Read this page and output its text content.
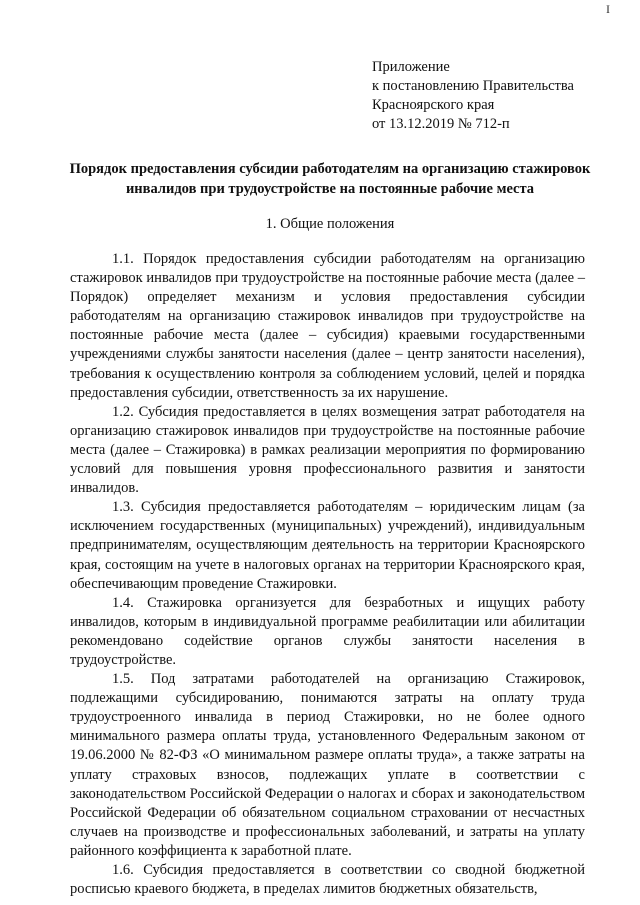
I
Приложение
к постановлению Правительства
Красноярского края
от 13.12.2019 № 712-п
Порядок предоставления субсидии работодателям на организацию стажировок инвалидов при трудоустройстве на постоянные рабочие места
1. Общие положения

1.1. Порядок предоставления субсидии работодателям на организацию стажировок инвалидов при трудоустройстве на постоянные рабочие места (далее – Порядок) определяет механизм и условия предоставления субсидии работодателям на организацию стажировок инвалидов при трудоустройстве на постоянные рабочие места (далее – субсидия) краевыми государственными учреждениями службы занятости населения (далее – центр занятости населения), требования к осуществлению контроля за соблюдением условий, целей и порядка предоставления субсидии, ответственность за их нарушение.

1.2. Субсидия предоставляется в целях возмещения затрат работодателя на организацию стажировок инвалидов при трудоустройстве на постоянные рабочие места (далее – Стажировка) в рамках реализации мероприятия по формированию условий для повышения уровня профессионального развития и занятости инвалидов.

1.3. Субсидия предоставляется работодателям – юридическим лицам (за исключением государственных (муниципальных) учреждений), индивидуальным предпринимателям, осуществляющим деятельность на территории Красноярского края, состоящим на учете в налоговых органах на территории Красноярского края, обеспечивающим проведение Стажировки.

1.4. Стажировка организуется для безработных и ищущих работу инвалидов, которым в индивидуальной программе реабилитации или абилитации рекомендовано содействие органов службы занятости населения в трудоустройстве.

1.5. Под затратами работодателей на организацию Стажировок, подлежащими субсидированию, понимаются затраты на оплату труда трудоустроенного инвалида в период Стажировки, но не более одного минимального размера оплаты труда, установленного Федеральным законом от 19.06.2000 № 82-ФЗ «О минимальном размере оплаты труда», а также затраты на уплату страховых взносов, подлежащих уплате в соответствии с законодательством Российской Федерации о налогах и сборах и законодательством Российской Федерации об обязательном социальном страховании от несчастных случаев на производстве и профессиональных заболеваний, и затраты на уплату районного коэффициента к заработной плате.

1.6. Субсидия предоставляется в соответствии со сводной бюджетной росписью краевого бюджета, в пределах лимитов бюджетных обязательств,
